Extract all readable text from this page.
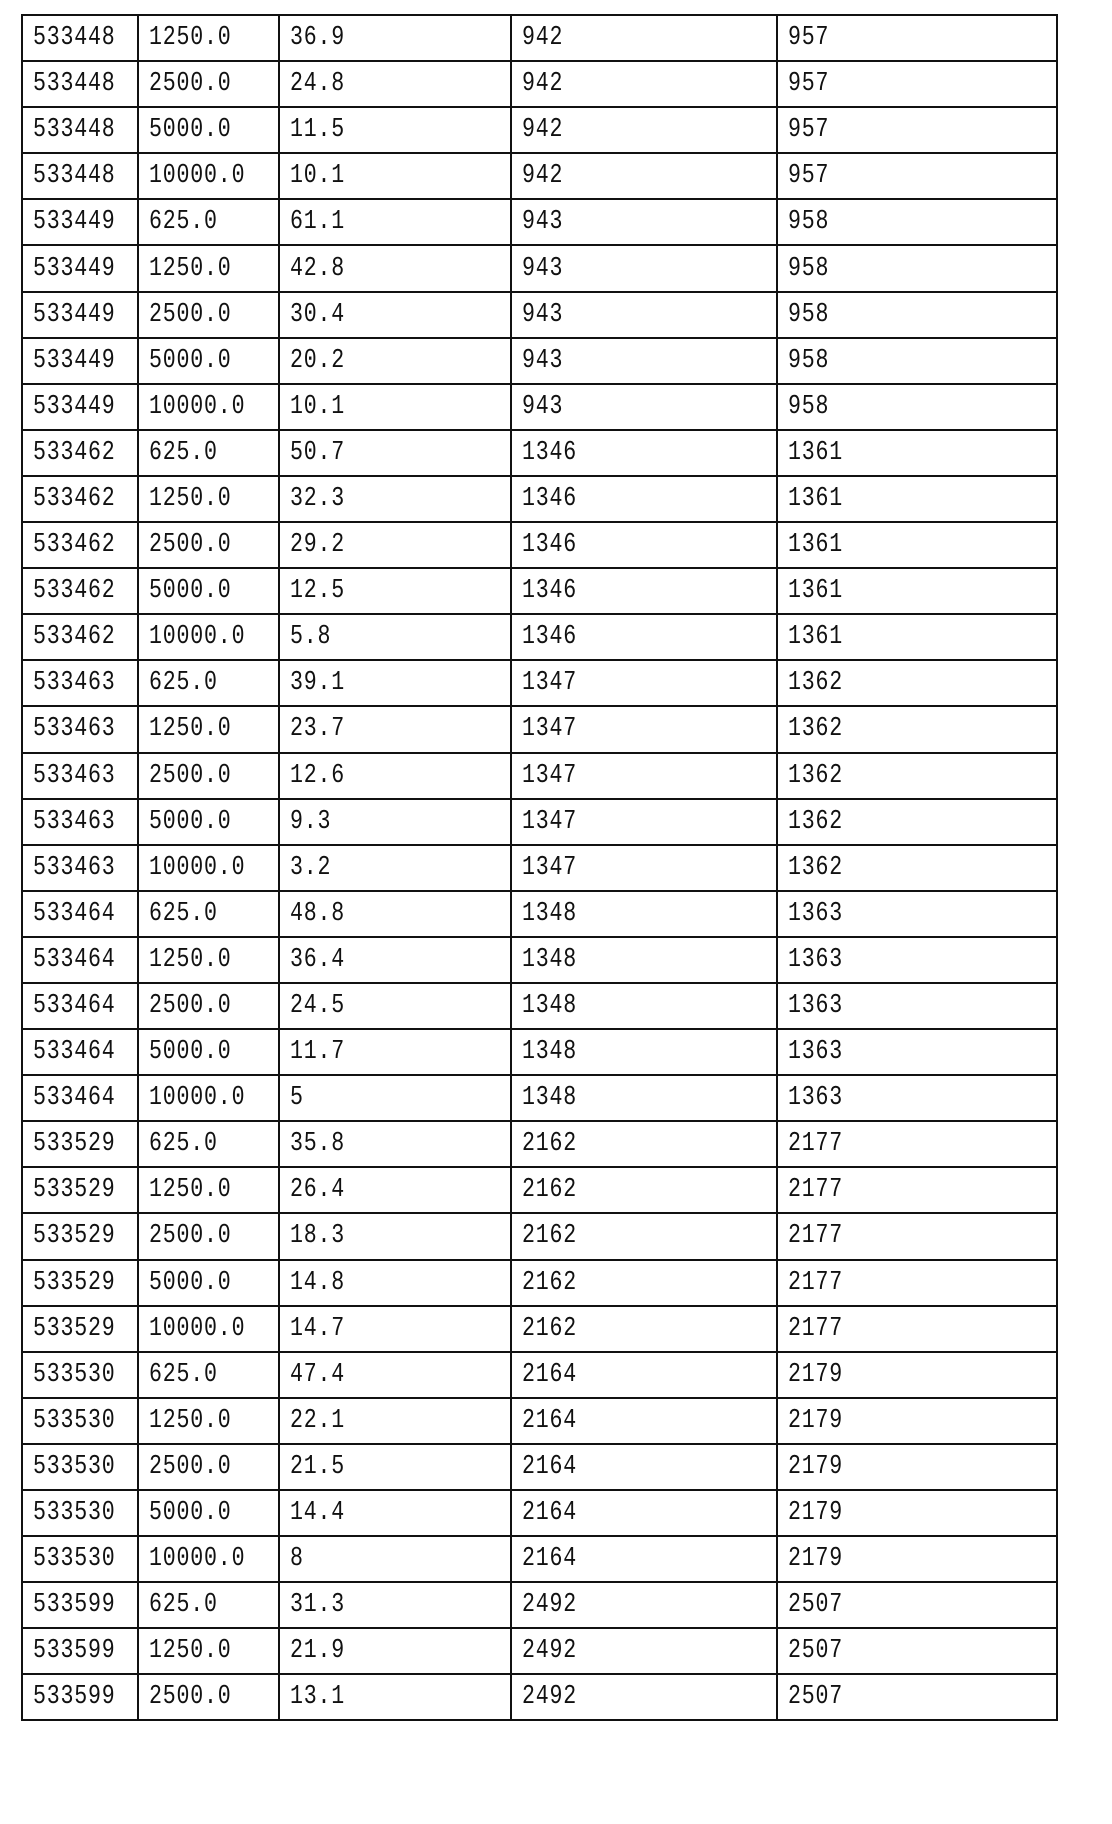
533448	1250.0	36.9	942	957
533448	2500.0	24.8	942	957
533448	5000.0	11.5	942	957
533448	10000.0	10.1	942	957
533449	625.0	61.1	943	958
533449	1250.0	42.8	943	958
533449	2500.0	30.4	943	958
533449	5000.0	20.2	943	958
533449	10000.0	10.1	943	958
533462	625.0	50.7	1346	1361
533462	1250.0	32.3	1346	1361
533462	2500.0	29.2	1346	1361
533462	5000.0	12.5	1346	1361
533462	10000.0	5.8	1346	1361
533463	625.0	39.1	1347	1362
533463	1250.0	23.7	1347	1362
533463	2500.0	12.6	1347	1362
533463	5000.0	9.3	1347	1362
533463	10000.0	3.2	1347	1362
533464	625.0	48.8	1348	1363
533464	1250.0	36.4	1348	1363
533464	2500.0	24.5	1348	1363
533464	5000.0	11.7	1348	1363
533464	10000.0	5	1348	1363
533529	625.0	35.8	2162	2177
533529	1250.0	26.4	2162	2177
533529	2500.0	18.3	2162	2177
533529	5000.0	14.8	2162	2177
533529	10000.0	14.7	2162	2177
533530	625.0	47.4	2164	2179
533530	1250.0	22.1	2164	2179
533530	2500.0	21.5	2164	2179
533530	5000.0	14.4	2164	2179
533530	10000.0	8	2164	2179
533599	625.0	31.3	2492	2507
533599	1250.0	21.9	2492	2507
533599	2500.0	13.1	2492	2507
